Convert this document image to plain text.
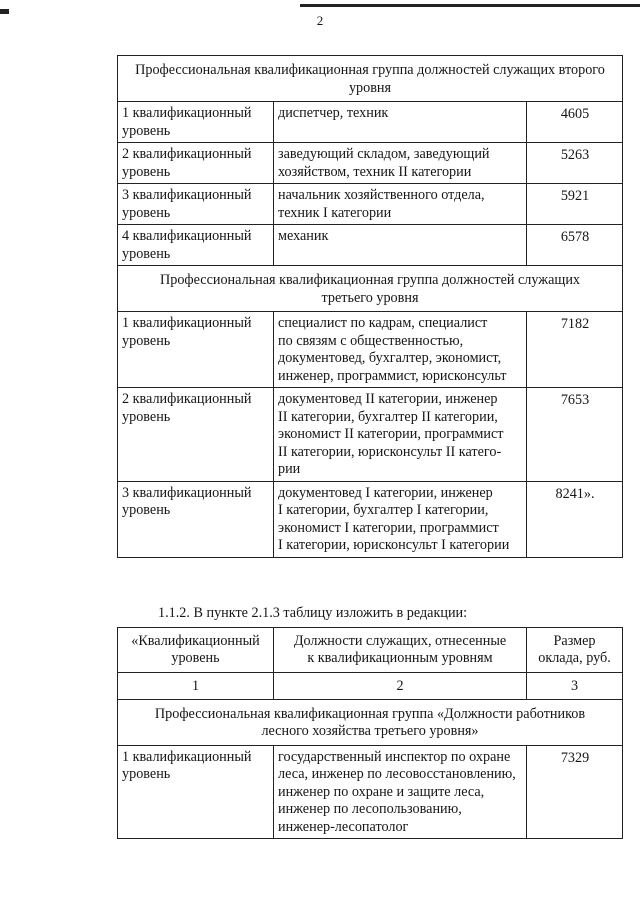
2
Профессиональная квалификационная группа должностей служащих второго
уровня		

1 квалификационный
уровень	диспетчер, техник	4605

2 квалификационный
уровень	заведующий складом, заведующий
хозяйством, техник II категории	5263

3 квалификационный
уровень	начальник хозяйственного отдела,
техник I категории	5921

4 квалификационный
уровень	механик	6578

Профессиональная квалификационная группа должностей служащих
третьего уровня		

1 квалификационный
уровень	специалист по кадрам, специалист
по связям с общественностью,
документовед, бухгалтер, экономист,
инженер, программист, юрисконсульт	7182

2 квалификационный
уровень	документовед II категории, инженер
II категории, бухгалтер II категории,
экономист II категории, программист
II категории, юрисконсульт II катего-
рии	7653

3 квалификационный
уровень	документовед I категории, инженер
I категории, бухгалтер I категории,
экономист I категории, программист
I категории, юрисконсульт I категории	8241».
1.1.2. В пункте 2.1.3 таблицу изложить в редакции:
«Квалификационный
уровень	Должности служащих, отнесенные
к квалификационным уровням	Размер
оклада, руб.

1	2	3

Профессиональная квалификационная группа «Должности работников
лесного хозяйства третьего уровня»		

1 квалификационный
уровень	государственный инспектор по охране
леса, инженер по лесовосстановлению,
инженер по охране и защите леса,
инженер по лесопользованию,
инженер-лесопатолог	7329
